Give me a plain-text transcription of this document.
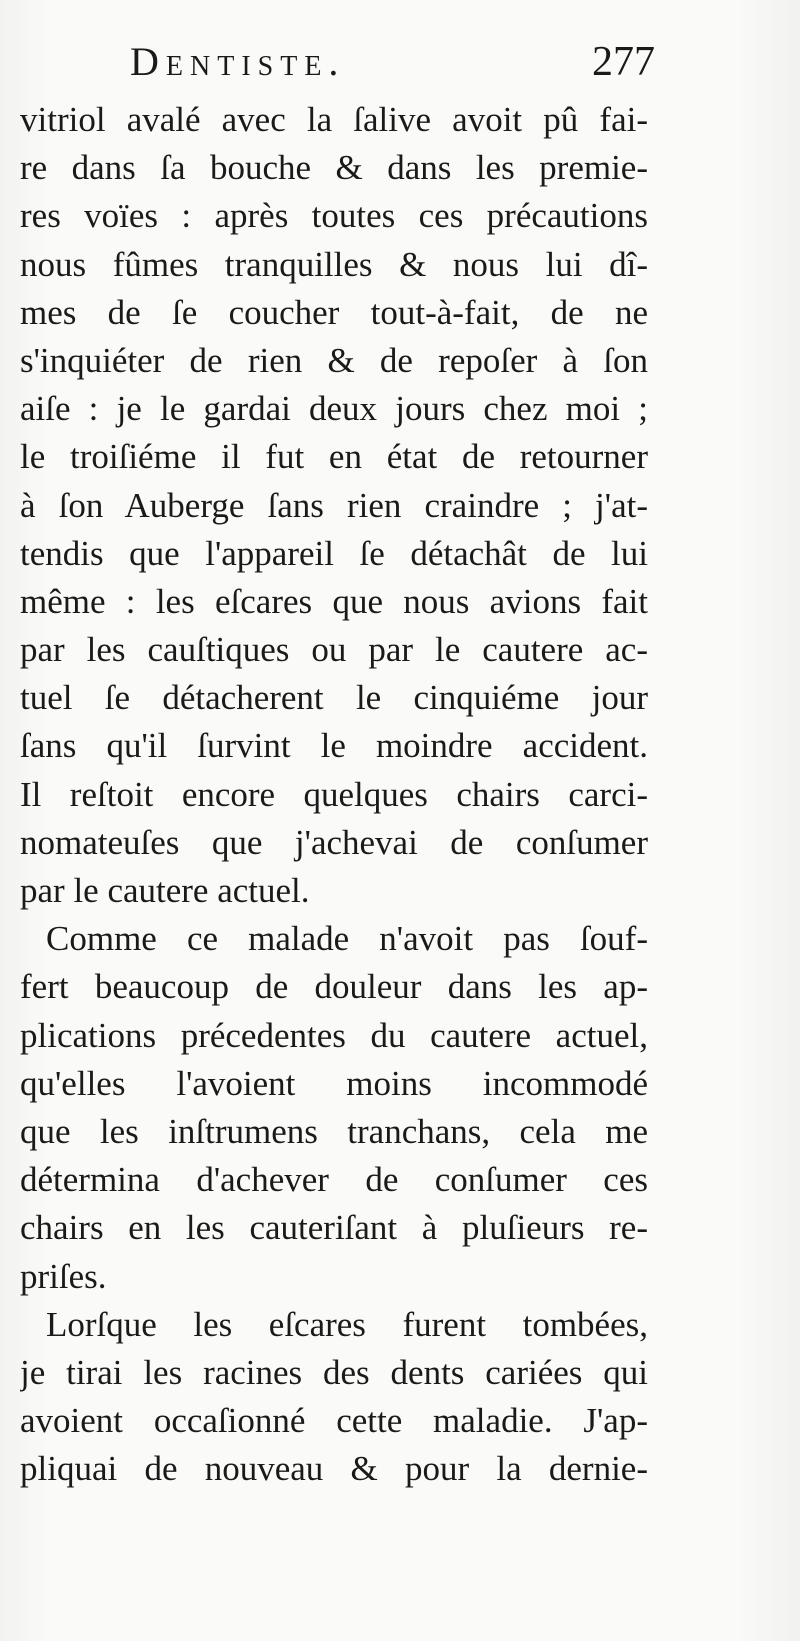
Dentiste.	277
vitriol avalé avec la ſalive avoit pû fai-
re dans ſa bouche & dans les premie-
res voïes : après toutes ces précautions
nous fûmes tranquilles & nous lui dî-
mes de ſe coucher tout-à-fait, de ne
s'inquiéter de rien & de repoſer à ſon
aiſe : je le gardai deux jours chez moi ;
le troiſiéme il fut en état de retourner
à ſon Auberge ſans rien craindre ; j'at-
tendis que l'appareil ſe détachât de lui
même : les eſcares que nous avions fait
par les cauſtiques ou par le cautere ac-
tuel ſe détacherent le cinquiéme jour
ſans qu'il ſurvint le moindre accident.
Il reſtoit encore quelques chairs carci-
nomateuſes que j'achevai de conſumer
par le cautere actuel.
Comme ce malade n'avoit pas ſouf-
fert beaucoup de douleur dans les ap-
plications précedentes du cautere actuel,
qu'elles l'avoient moins incommodé
que les inſtrumens tranchans, cela me
détermina d'achever de conſumer ces
chairs en les cauteriſant à pluſieurs re-
priſes.
Lorſque les eſcares furent tombées,
je tirai les racines des dents cariées qui
avoient occaſionné cette maladie. J'ap-
pliquai de nouveau & pour la dernie-
